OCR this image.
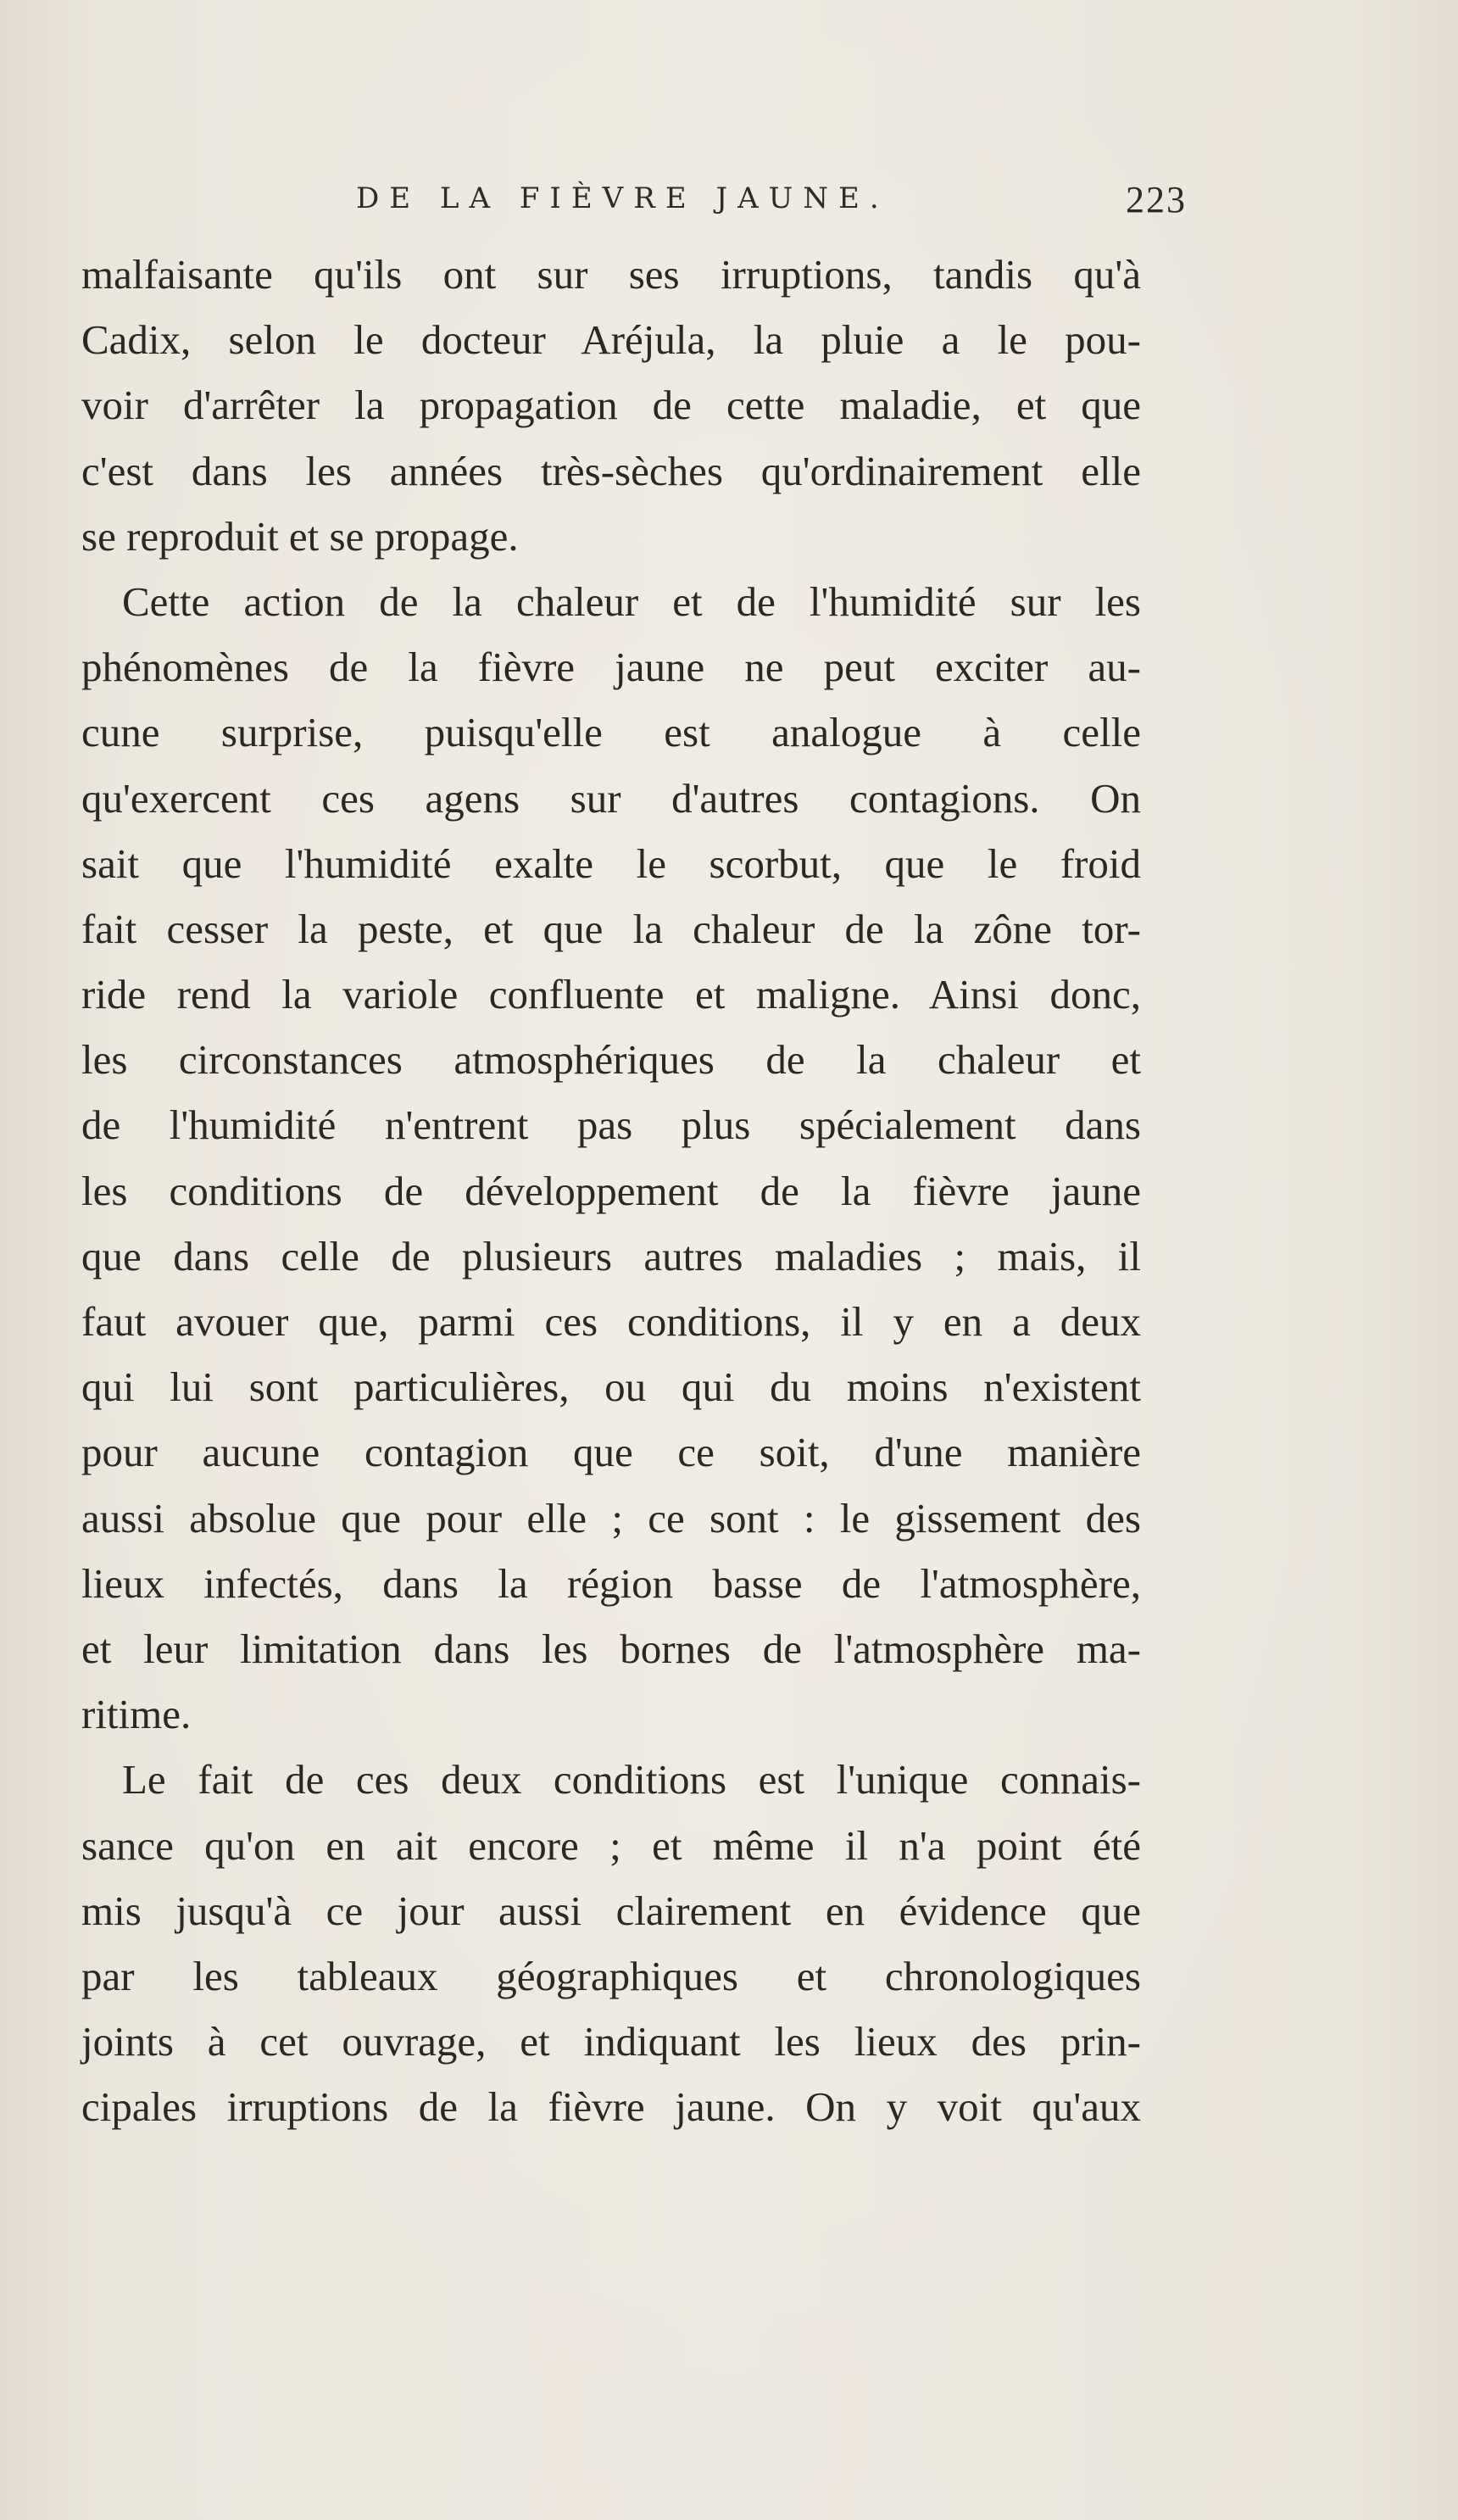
DE LA FIÈVRE JAUNE.	223
malfaisante qu'ils ont sur ses irruptions, tandis qu'à
Cadix, selon le docteur Aréjula, la pluie a le pou-
voir d'arrêter la propagation de cette maladie, et que
c'est dans les années très-sèches qu'ordinairement elle
se reproduit et se propage.
Cette action de la chaleur et de l'humidité sur les
phénomènes de la fièvre jaune ne peut exciter au-
cune surprise, puisqu'elle est analogue à celle
qu'exercent ces agens sur d'autres contagions. On
sait que l'humidité exalte le scorbut, que le froid
fait cesser la peste, et que la chaleur de la zône tor-
ride rend la variole confluente et maligne. Ainsi donc,
les circonstances atmosphériques de la chaleur et
de l'humidité n'entrent pas plus spécialement dans
les conditions de développement de la fièvre jaune
que dans celle de plusieurs autres maladies ; mais, il
faut avouer que, parmi ces conditions, il y en a deux
qui lui sont particulières, ou qui du moins n'existent
pour aucune contagion que ce soit, d'une manière
aussi absolue que pour elle ; ce sont : le gissement des
lieux infectés, dans la région basse de l'atmosphère,
et leur limitation dans les bornes de l'atmosphère ma-
ritime.
Le fait de ces deux conditions est l'unique connais-
sance qu'on en ait encore ; et même il n'a point été
mis jusqu'à ce jour aussi clairement en évidence que
par les tableaux géographiques et chronologiques
joints à cet ouvrage, et indiquant les lieux des prin-
cipales irruptions de la fièvre jaune. On y voit qu'aux
